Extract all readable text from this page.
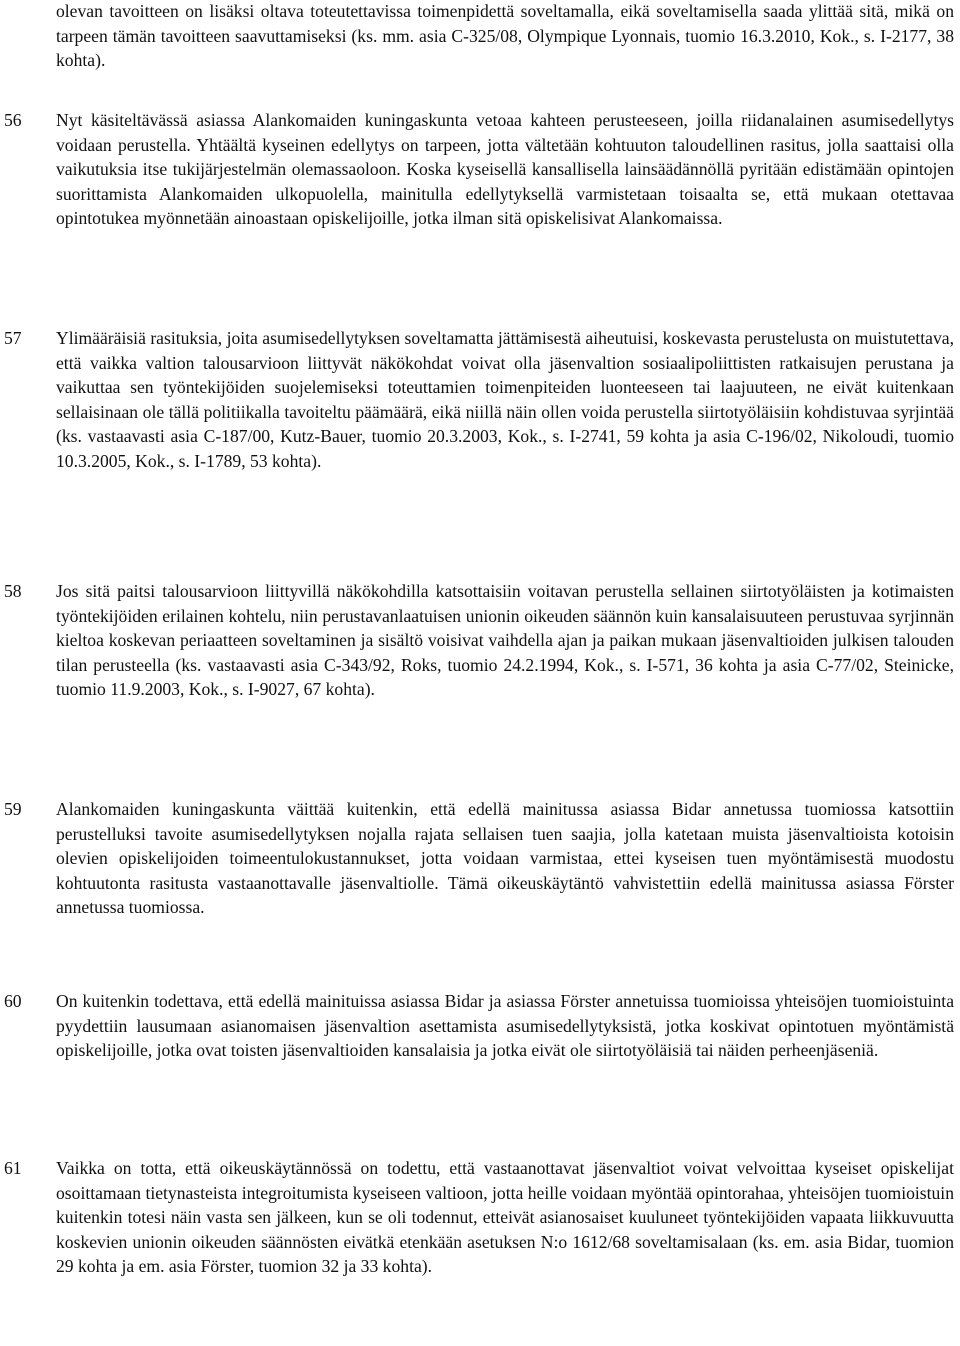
olevan tavoitteen on lisäksi oltava toteutettavissa toimenpidettä soveltamalla, eikä soveltamisella saada ylittää sitä, mikä on tarpeen tämän tavoitteen saavuttamiseksi (ks. mm. asia C-325/08, Olympique Lyonnais, tuomio 16.3.2010, Kok., s. I-2177, 38 kohta).
56	Nyt käsiteltävässä asiassa Alankomaiden kuningaskunta vetoaa kahteen perusteeseen, joilla riidanalainen asumisedellytys voidaan perustella. Yhtäältä kyseinen edellytys on tarpeen, jotta vältetään kohtuuton taloudellinen rasitus, jolla saattaisi olla vaikutuksia itse tukijärjestelmän olemassaoloon. Koska kyseisellä kansallisella lainsäädännöllä pyritään edistämään opintojen suorittamista Alankomaiden ulkopuolella, mainitulla edellytyksellä varmistetaan toisaalta se, että mukaan otettavaa opintotukea myönnetään ainoastaan opiskelijoille, jotka ilman sitä opiskelisivat Alankomaissa.
57	Ylimääräisiä rasituksia, joita asumisedellytyksen soveltamatta jättämisestä aiheutuisi, koskevasta perustelusta on muistutettava, että vaikka valtion talousarvioon liittyvät näkökohdat voivat olla jäsenvaltion sosiaalipoliittisten ratkaisujen perustana ja vaikuttaa sen työntekijöiden suojelemiseksi toteuttamien toimenpiteiden luonteeseen tai laajuuteen, ne eivät kuitenkaan sellaisinaan ole tällä politiikalla tavoiteltu päämäärä, eikä niillä näin ollen voida perustella siirtotyöläisiin kohdistuvaa syrjintää (ks. vastaavasti asia C-187/00, Kutz-Bauer, tuomio 20.3.2003, Kok., s. I-2741, 59 kohta ja asia C-196/02, Nikoloudi, tuomio 10.3.2005, Kok., s. I-1789, 53 kohta).
58	Jos sitä paitsi talousarvioon liittyvillä näkökohdilla katsottaisiin voitavan perustella sellainen siirtotyöläisten ja kotimaisten työntekijöiden erilainen kohtelu, niin perustavanlaatuisen unionin oikeuden säännön kuin kansalaisuuteen perustuvaa syrjinnän kieltoa koskevan periaatteen soveltaminen ja sisältö voisivat vaihdella ajan ja paikan mukaan jäsenvaltioiden julkisen talouden tilan perusteella (ks. vastaavasti asia C-343/92, Roks, tuomio 24.2.1994, Kok., s. I-571, 36 kohta ja asia C-77/02, Steinicke, tuomio 11.9.2003, Kok., s. I-9027, 67 kohta).
59	Alankomaiden kuningaskunta väittää kuitenkin, että edellä mainitussa asiassa Bidar annetussa tuomiossa katsottiin perustelluksi tavoite asumisedellytyksen nojalla rajata sellaisen tuen saajia, jolla katetaan muista jäsenvaltioista kotoisin olevien opiskelijoiden toimeentulokustannukset, jotta voidaan varmistaa, ettei kyseisen tuen myöntämisestä muodostu kohtuutonta rasitusta vastaanottavalle jäsenvaltiolle. Tämä oikeuskäytäntö vahvistettiin edellä mainitussa asiassa Förster annetussa tuomiossa.
60	On kuitenkin todettava, että edellä mainituissa asiassa Bidar ja asiassa Förster annetuissa tuomioissa yhteisöjen tuomioistuinta pyydettiin lausumaan asianomaisen jäsenvaltion asettamista asumisedellytyksistä, jotka koskivat opintotuen myöntämistä opiskelijoille, jotka ovat toisten jäsenvaltioiden kansalaisia ja jotka eivät ole siirtotyöläisiä tai näiden perheenjäseniä.
61	Vaikka on totta, että oikeuskäytännössä on todettu, että vastaanottavat jäsenvaltiot voivat velvoittaa kyseiset opiskelijat osoittamaan tietynasteista integroitumista kyseiseen valtioon, jotta heille voidaan myöntää opintorahaa, yhteisöjen tuomioistuin kuitenkin totesi näin vasta sen jälkeen, kun se oli todennut, etteivät asianosaiset kuuluneet työntekijöiden vapaata liikkuvuutta koskevien unionin oikeuden säännösten eivätkä etenkään asetuksen N:o 1612/68 soveltamisalaan (ks. em. asia Bidar, tuomion 29 kohta ja em. asia Förster, tuomion 32 ja 33 kohta).
